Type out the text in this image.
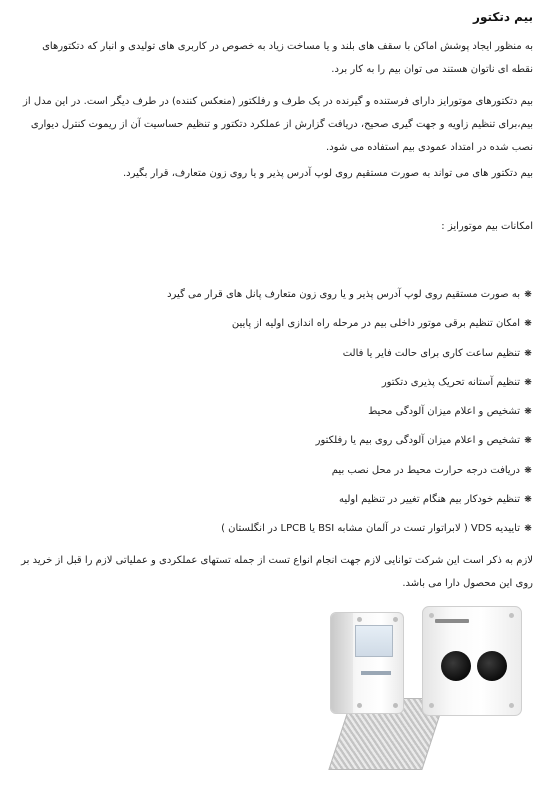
بیم دتکتور
به منظور ایجاد پوشش اماکن با سقف های بلند و یا مساخت زیاد به خصوص در کاربری های تولیدی و انبار که دتکتورهای نقطه ای ناتوان هستند می توان بیم را به کار برد.
بیم دتکتورهای موتورایز دارای فرستنده و گیرنده در یک طرف و رفلکتور (منعکس کننده) در طرف دیگر است. در این مدل از بیم،برای تنظیم زاویه و جهت گیری صحیح، دریافت گزارش از عملکرد دتکتور و تنظیم حساسیت آن از ریموت کنترل دیواری نصب شده در امتداد عمودی بیم استفاده می شود.
بیم دتکتور های می تواند به صورت مستقیم روی لوپ آدرس پذیر و یا روی زون متعارف، قرار بگیرد.
امکانات بیم موتورایز :
❋به صورت مستقیم روی لوپ آدرس پذیر و یا روی زون متعارف پانل های قرار می گیرد
❋امکان تنظیم برقی موتور داخلی بیم در مرحله راه اندازی اولیه از پایین
❋تنظیم ساعت کاری برای حالت فایر یا فالت
❋تنظیم آستانه تحریک پذیری دتکتور
❋تشخیص و اعلام میزان آلودگی محیط
❋تشخیص و اعلام میزان آلودگی روی بیم یا رفلکتور
❋دریافت درجه حرارت محیط در محل نصب بیم
❋تنظیم خودکار بیم هنگام تغییر در تنظیم اولیه
❋تاییدیه VDS ( لابراتوار تست در آلمان مشابه BSI یا LPCB در انگلستان )
لازم به ذکر است این شرکت توانایی لازم جهت انجام انواع تست از جمله تستهای عملکردی و عملیاتی لازم را قبل از خرید بر روی این محصول دارا می باشد.
